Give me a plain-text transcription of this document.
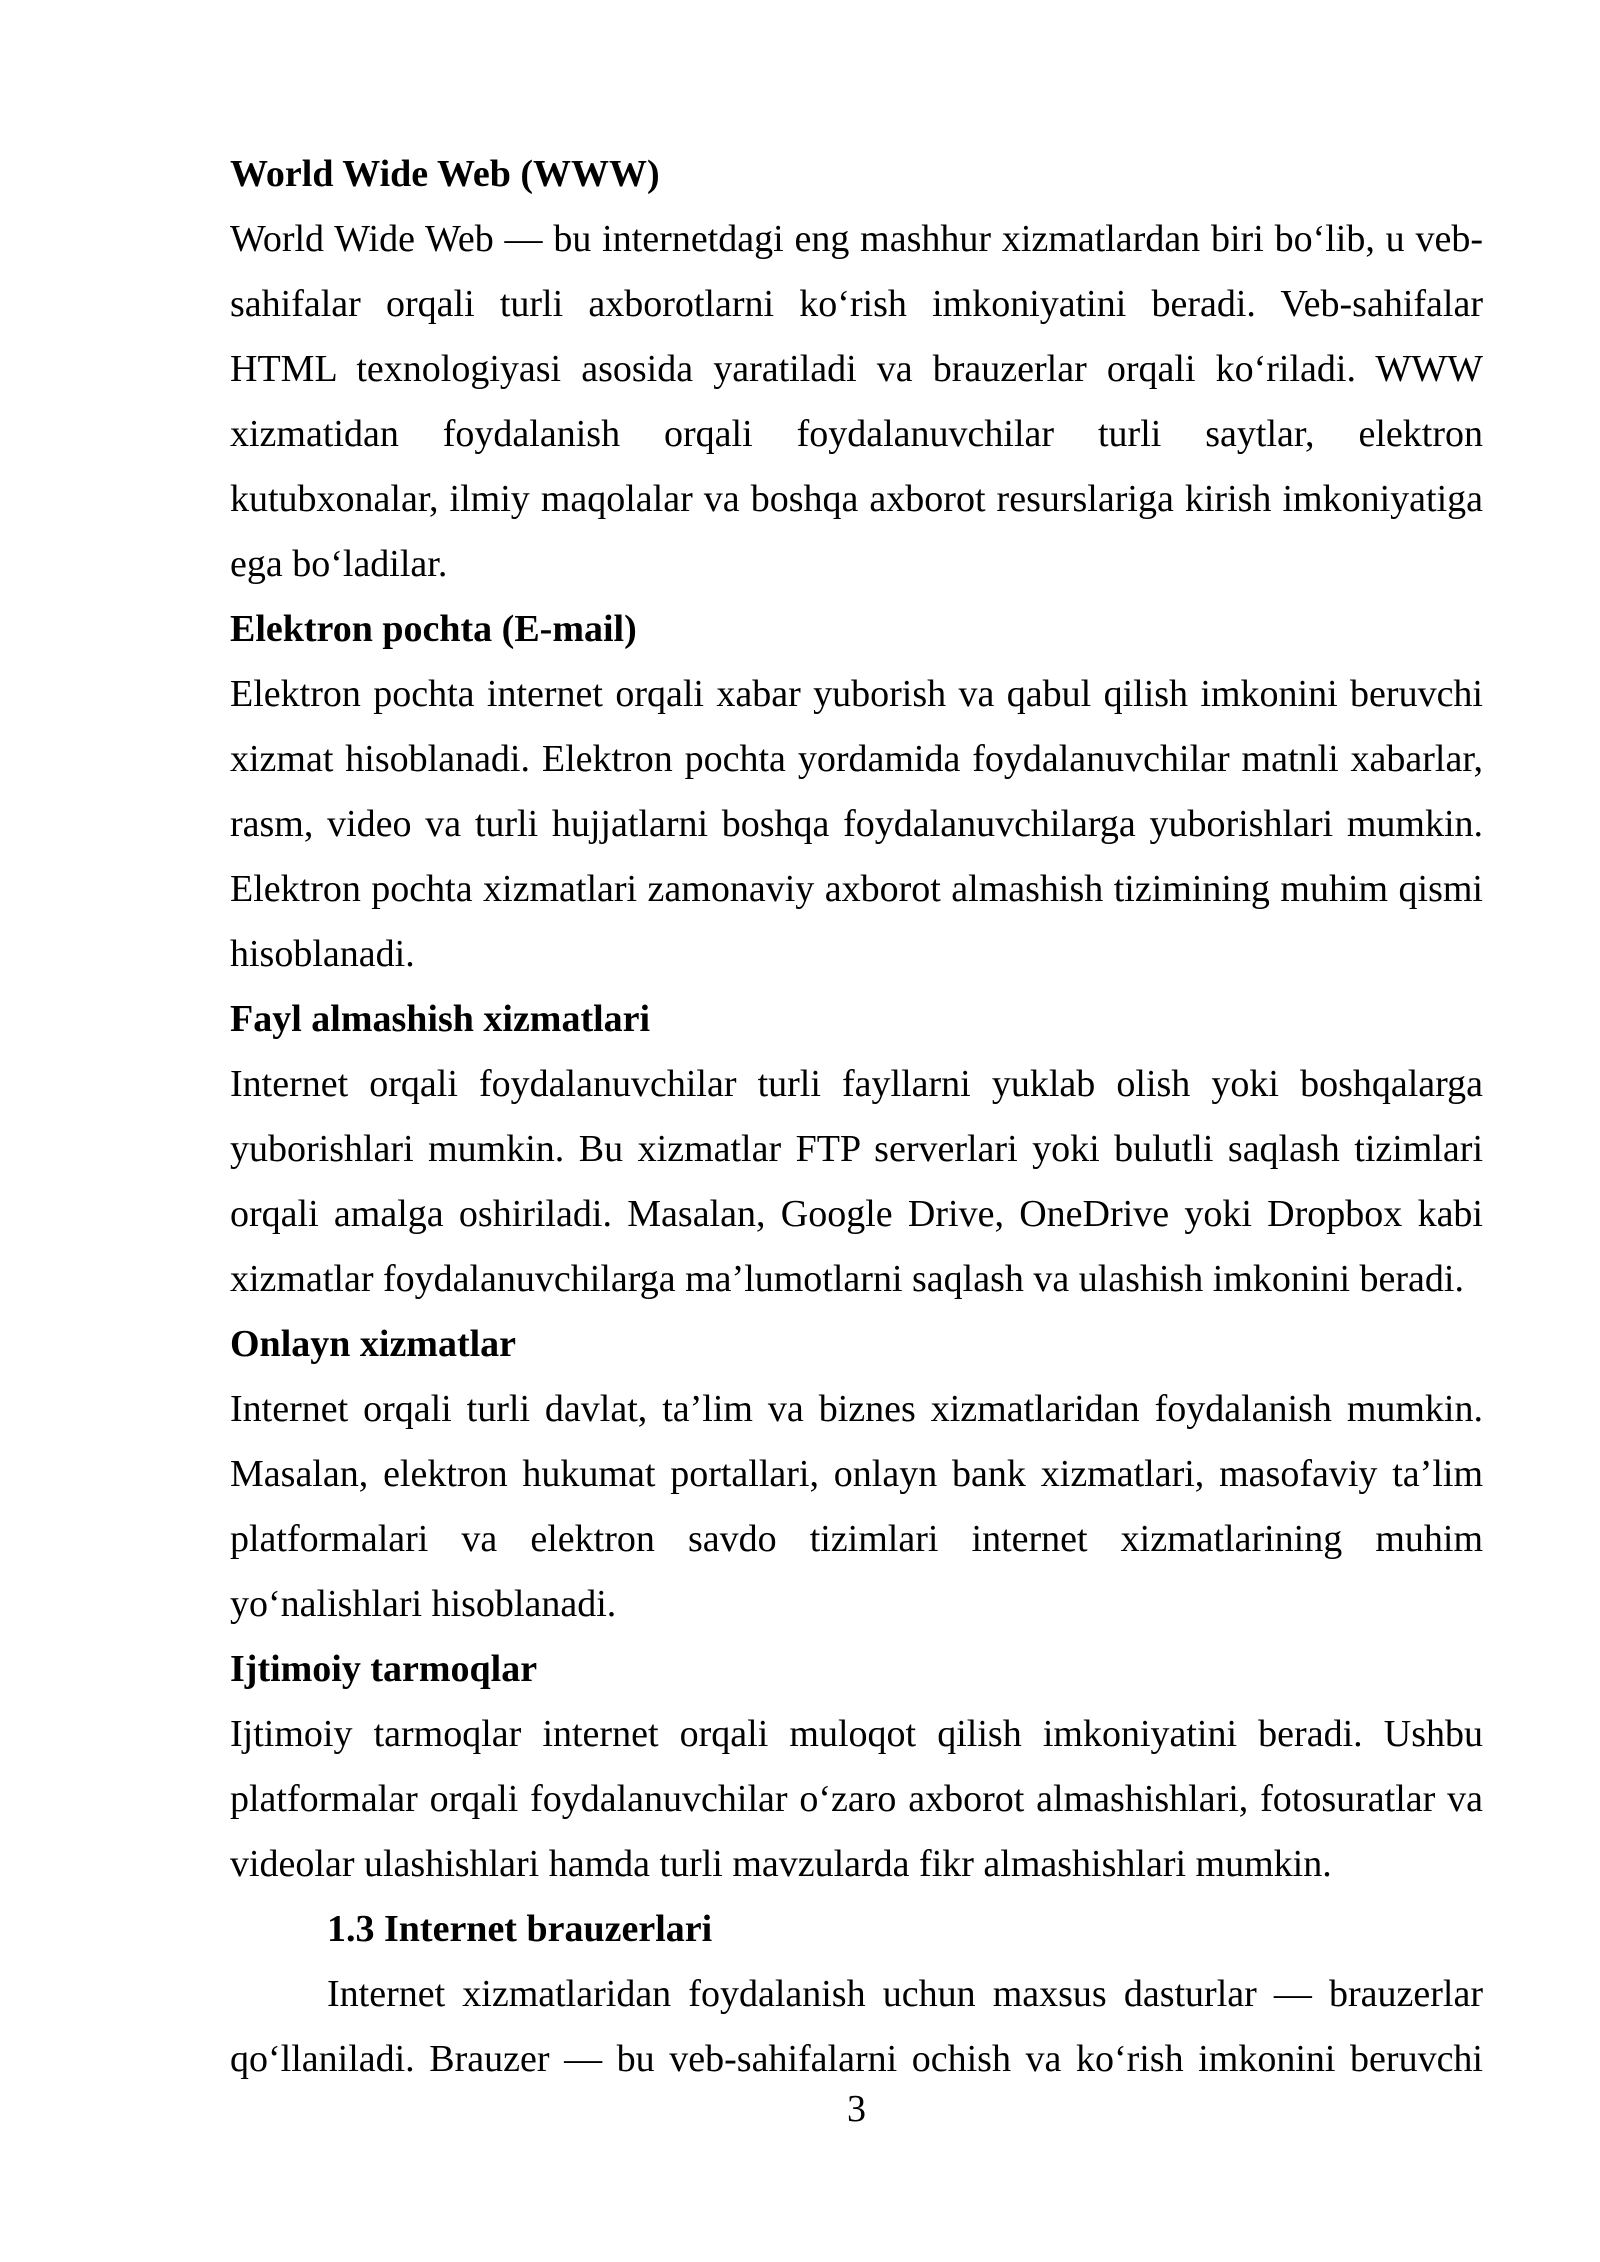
World Wide Web (WWW)

World Wide Web — bu internetdagi eng mashhur xizmatlardan biri boʻlib, u veb-sahifalar orqali turli axborotlarni koʻrish imkoniyatini beradi. Veb-sahifalar HTML texnologiyasi asosida yaratiladi va brauzerlar orqali koʻriladi. WWW xizmatidan foydalanish orqali foydalanuvchilar turli saytlar, elektron kutubxonalar, ilmiy maqolalar va boshqa axborot resurslariga kirish imkoniyatiga ega boʻladilar.

Elektron pochta (E-mail)

Elektron pochta internet orqali xabar yuborish va qabul qilish imkonini beruvchi xizmat hisoblanadi. Elektron pochta yordamida foydalanuvchilar matnli xabarlar, rasm, video va turli hujjatlarni boshqa foydalanuvchilarga yuborishlari mumkin. Elektron pochta xizmatlari zamonaviy axborot almashish tizimining muhim qismi hisoblanadi.

Fayl almashish xizmatlari

Internet orqali foydalanuvchilar turli fayllarni yuklab olish yoki boshqalarga yuborishlari mumkin. Bu xizmatlar FTP serverlari yoki bulutli saqlash tizimlari orqali amalga oshiriladi. Masalan, Google Drive, OneDrive yoki Dropbox kabi xizmatlar foydalanuvchilarga ma’lumotlarni saqlash va ulashish imkonini beradi.

Onlayn xizmatlar

Internet orqali turli davlat, ta’lim va biznes xizmatlaridan foydalanish mumkin. Masalan, elektron hukumat portallari, onlayn bank xizmatlari, masofaviy ta’lim platformalari va elektron savdo tizimlari internet xizmatlarining muhim yoʻnalishlari hisoblanadi.

Ijtimoiy tarmoqlar

Ijtimoiy tarmoqlar internet orqali muloqot qilish imkoniyatini beradi. Ushbu platformalar orqali foydalanuvchilar oʻzaro axborot almashishlari, fotosuratlar va videolar ulashishlari hamda turli mavzularda fikr almashishlari mumkin.

1.3 Internet brauzerlari

Internet xizmatlaridan foydalanish uchun maxsus dasturlar — brauzerlar qoʻllaniladi. Brauzer — bu veb-sahifalarni ochish va koʻrish imkonini beruvchi

3
